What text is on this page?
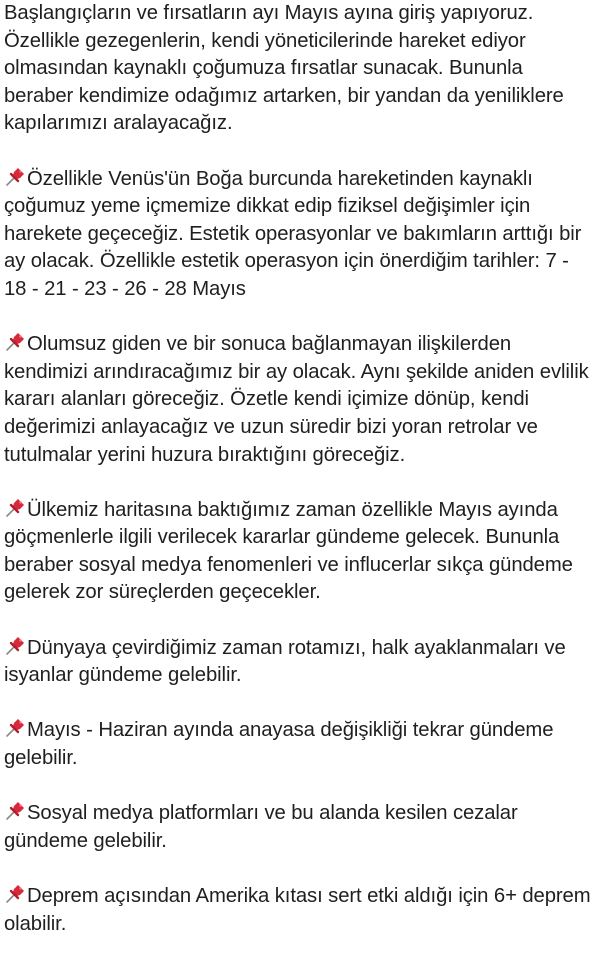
Başlangıçların ve fırsatların ayı Mayıs ayına giriş yapıyoruz. Özellikle gezegenlerin, kendi yöneticilerinde hareket ediyor olmasından kaynaklı çoğumuza fırsatlar sunacak. Bununla beraber kendimize odağımız artarken, bir yandan da yeniliklere kapılarımızı aralayacağız.

Özellikle Venüs'ün Boğa burcunda hareketinden kaynaklı çoğumuz yeme içmemize dikkat edip fiziksel değişimler için harekete geçeceğiz. Estetik operasyonlar ve bakımların arttığı bir ay olacak. Özellikle estetik operasyon için önerdiğim tarihler: 7 - 18 - 21 - 23 - 26 - 28 Mayıs

Olumsuz giden ve bir sonuca bağlanmayan ilişkilerden kendimizi arındıracağımız bir ay olacak. Aynı şekilde aniden evlilik kararı alanları göreceğiz. Özetle kendi içimize dönüp, kendi değerimizi anlayacağız ve uzun süredir bizi yoran retrolar ve tutulmalar yerini huzura bıraktığını göreceğiz.

Ülkemiz haritasına baktığımız zaman özellikle Mayıs ayında göçmenlerle ilgili verilecek kararlar gündeme gelecek. Bununla beraber sosyal medya fenomenleri ve influcerlar sıkça gündeme gelerek zor süreçlerden geçecekler.

Dünyaya çevirdiğimiz zaman rotamızı, halk ayaklanmaları ve isyanlar gündeme gelebilir.

Mayıs - Haziran ayında anayasa değişikliği tekrar gündeme gelebilir.

Sosyal medya platformları ve bu alanda kesilen cezalar gündeme gelebilir.

Deprem açısından Amerika kıtası sert etki aldığı için 6+ deprem olabilir.
